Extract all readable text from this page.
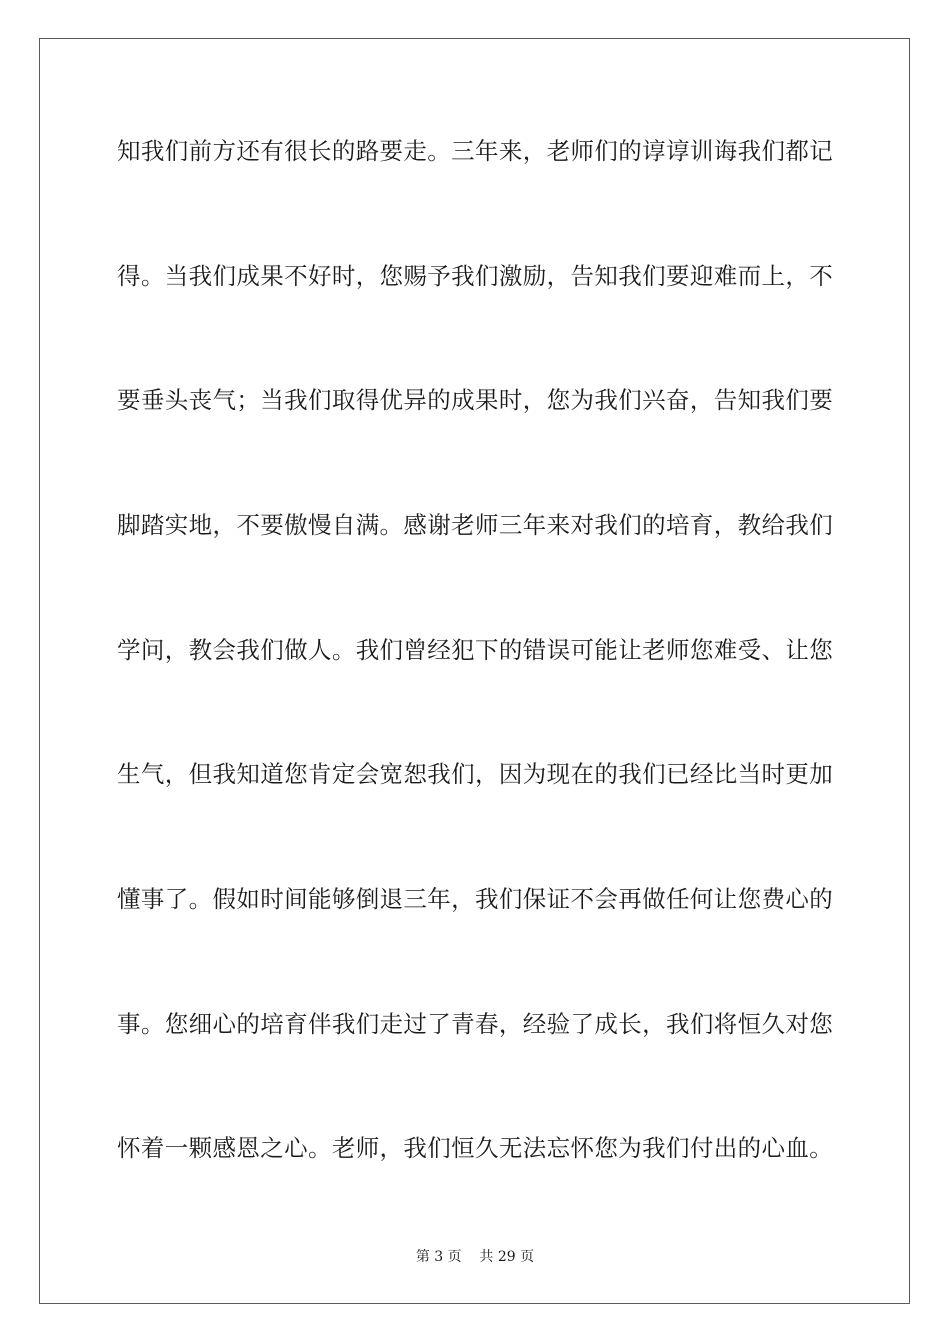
知我们前方还有很长的路要走。三年来，老师们的谆谆训诲我们都记
得。当我们成果不好时，您赐予我们激励，告知我们要迎难而上，不
要垂头丧气；当我们取得优异的成果时，您为我们兴奋，告知我们要
脚踏实地，不要傲慢自满。感谢老师三年来对我们的培育，教给我们
学问，教会我们做人。我们曾经犯下的错误可能让老师您难受、让您
生气，但我知道您肯定会宽恕我们，因为现在的我们已经比当时更加
懂事了。假如时间能够倒退三年，我们保证不会再做任何让您费心的
事。您细心的培育伴我们走过了青春，经验了成长，我们将恒久对您
怀着一颗感恩之心。老师，我们恒久无法忘怀您为我们付出的心血。
第 3 页    共 29 页
